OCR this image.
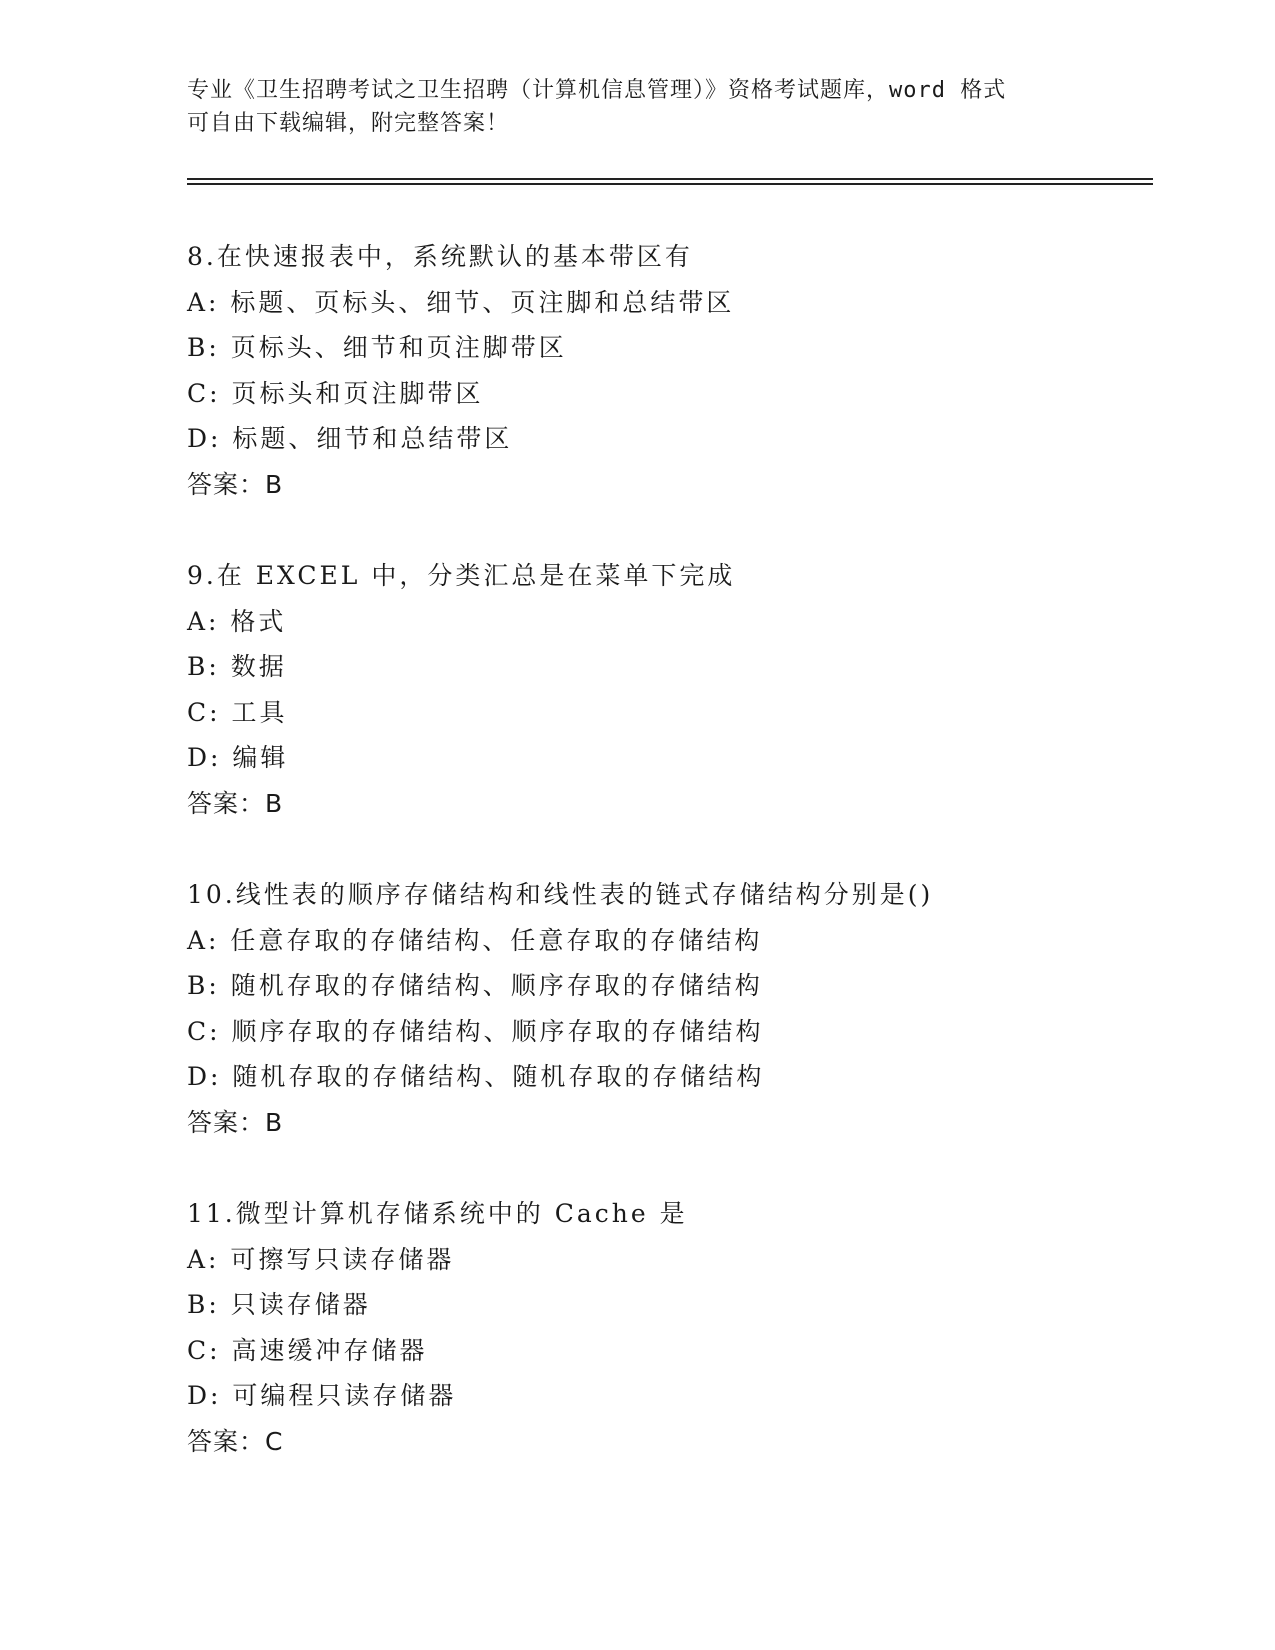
专业《卫生招聘考试之卫生招聘（计算机信息管理）》资格考试题库，word 格式
可自由下载编辑，附完整答案！
8.在快速报表中，系统默认的基本带区有
A: 标题、页标头、细节、页注脚和总结带区
B: 页标头、细节和页注脚带区
C: 页标头和页注脚带区
D: 标题、细节和总结带区
答案：B
9.在 EXCEL 中，分类汇总是在菜单下完成
A: 格式
B: 数据
C: 工具
D: 编辑
答案：B
10.线性表的顺序存储结构和线性表的链式存储结构分别是()
A: 任意存取的存储结构、任意存取的存储结构
B: 随机存取的存储结构、顺序存取的存储结构
C: 顺序存取的存储结构、顺序存取的存储结构
D: 随机存取的存储结构、随机存取的存储结构
答案：B
11.微型计算机存储系统中的 Cache 是
A: 可擦写只读存储器
B: 只读存储器
C: 高速缓冲存储器
D: 可编程只读存储器
答案：C
